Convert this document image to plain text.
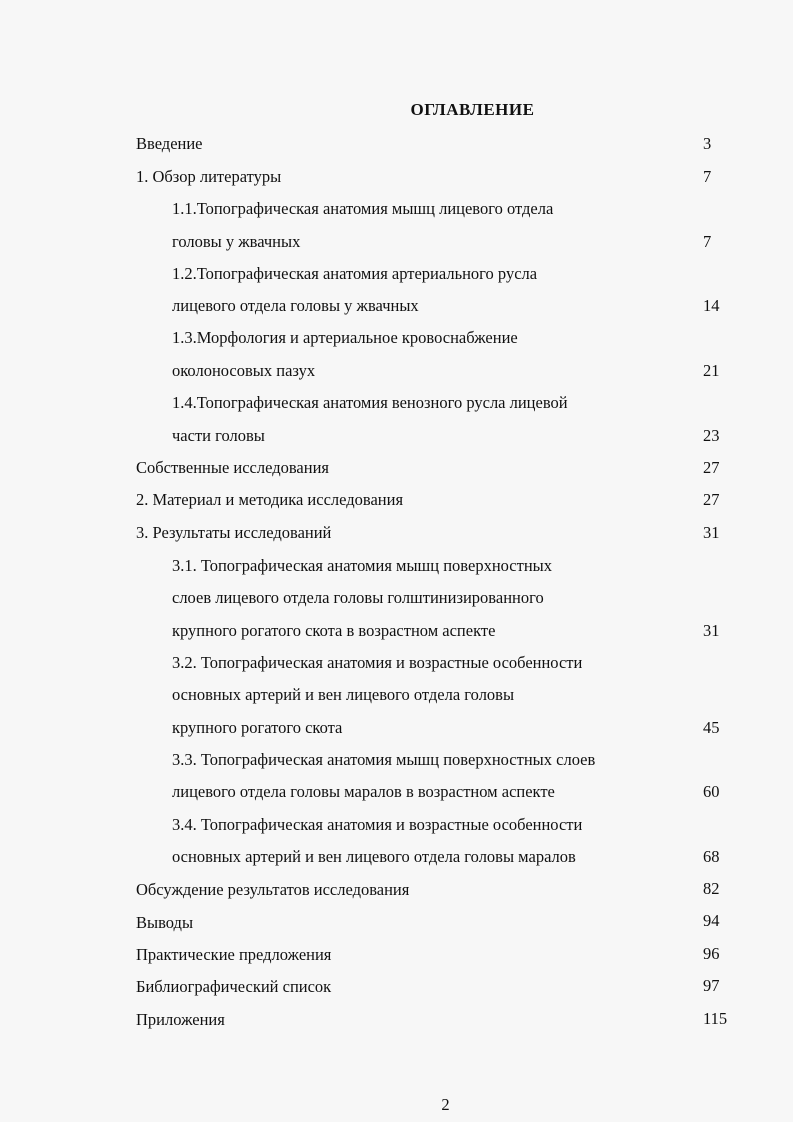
ОГЛАВЛЕНИЕ
Введение	3
1. Обзор литературы	7
1.1.Топографическая анатомия мышц лицевого отдела
головы у жвачных	7
1.2.Топографическая анатомия артериального русла
лицевого отдела головы у жвачных	14
1.3.Морфология и артериальное кровоснабжение
околоносовых пазух	21
1.4.Топографическая анатомия венозного русла лицевой
части головы	23
Собственные исследования	27
2. Материал и методика исследования	27
3. Результаты исследований	31
3.1. Топографическая анатомия мышц поверхностных
слоев лицевого отдела головы голштинизированного
крупного рогатого скота в возрастном аспекте	31
3.2. Топографическая анатомия и возрастные особенности
основных артерий и вен лицевого отдела головы
крупного рогатого скота	45
3.3. Топографическая анатомия мышц поверхностных слоев
лицевого отдела головы маралов в возрастном аспекте	60
3.4. Топографическая анатомия и возрастные особенности
основных артерий и вен лицевого отдела головы маралов	68
Обсуждение результатов исследования	82
Выводы	94
Практические предложения	96
Библиографический список	97
Приложения	115
2
